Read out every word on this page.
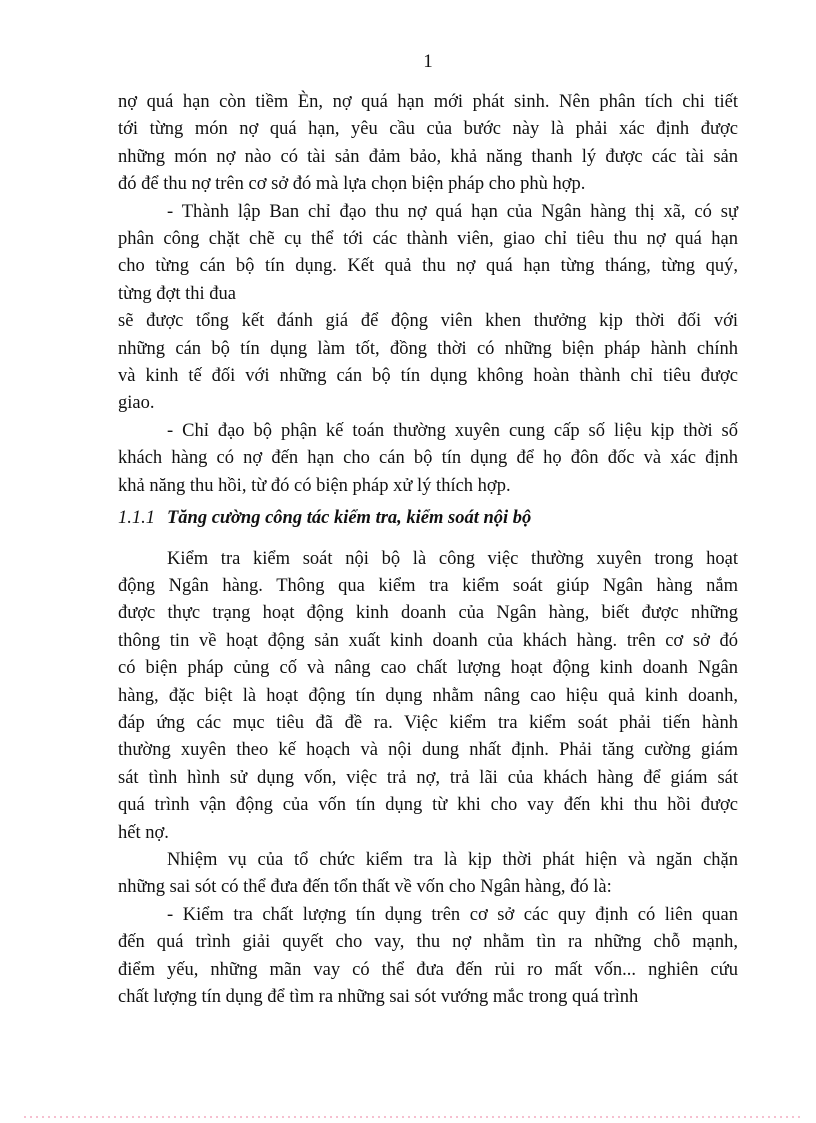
1
nợ quá hạn còn tiềm Èn, nợ quá hạn mới phát sinh. Nên phân tích chi tiết
tới từng món nợ quá hạn, yêu cầu của bước này là phải xác định được
những món nợ nào có tài sản đảm bảo, khả năng thanh lý được các tài sản
đó để thu nợ trên cơ sở đó mà lựa chọn biện pháp cho phù hợp.
- Thành lập Ban chỉ đạo thu nợ quá hạn của Ngân hàng thị xã, có sự
phân công chặt chẽ cụ thể tới các thành viên, giao chỉ tiêu thu nợ quá hạn
cho từng cán bộ tín dụng. Kết quả thu nợ quá hạn từng tháng, từng quý,
từng đợt thi đua
sẽ được tổng kết đánh giá để động viên khen thưởng kịp thời đối với
những cán bộ tín dụng làm tốt, đồng thời có những biện pháp hành chính
và kinh tế đối với những cán bộ tín dụng không hoàn thành chỉ tiêu được
giao.
- Chỉ đạo bộ phận kế toán thường xuyên cung cấp số liệu kịp thời số
khách hàng có nợ đến hạn cho cán bộ tín dụng để họ đôn đốc và xác định
khả năng thu hồi, từ đó có biện pháp xử lý thích hợp.
1.1.1 Tăng cường công tác kiểm tra, kiểm soát nội bộ
Kiểm tra kiểm soát nội bộ là công việc thường xuyên trong hoạt
động Ngân hàng. Thông qua kiểm tra kiểm soát giúp Ngân hàng nắm
được thực trạng hoạt động kinh doanh của Ngân hàng, biết được những
thông tin về hoạt động sản xuất kinh doanh của khách hàng. trên cơ sở đó
có biện pháp củng cố và nâng cao chất lượng hoạt động kinh doanh Ngân
hàng, đặc biệt là hoạt động tín dụng nhằm nâng cao hiệu quả kinh doanh,
đáp ứng các mục tiêu đã đề ra. Việc kiểm tra kiểm soát phải tiến hành
thường xuyên theo kế hoạch và nội dung nhất định. Phải tăng cường giám
sát tình hình sử dụng vốn, việc trả nợ, trả lãi của khách hàng để giám sát
quá trình vận động của vốn tín dụng từ khi cho vay đến khi thu hồi được
hết nợ.
Nhiệm vụ của tổ chức kiểm tra là kịp thời phát hiện và ngăn chặn
những sai sót có thể đưa đến tổn thất về vốn cho Ngân hàng, đó là:
- Kiểm tra chất lượng tín dụng trên cơ sở các quy định có liên quan
đến quá trình giải quyết cho vay, thu nợ nhằm tìn ra những chỗ mạnh,
điểm yếu, những mãn vay có thể đưa đến rủi ro mất vốn... nghiên cứu
chất lượng tín dụng để tìm ra những sai sót vướng mắc trong quá trình
